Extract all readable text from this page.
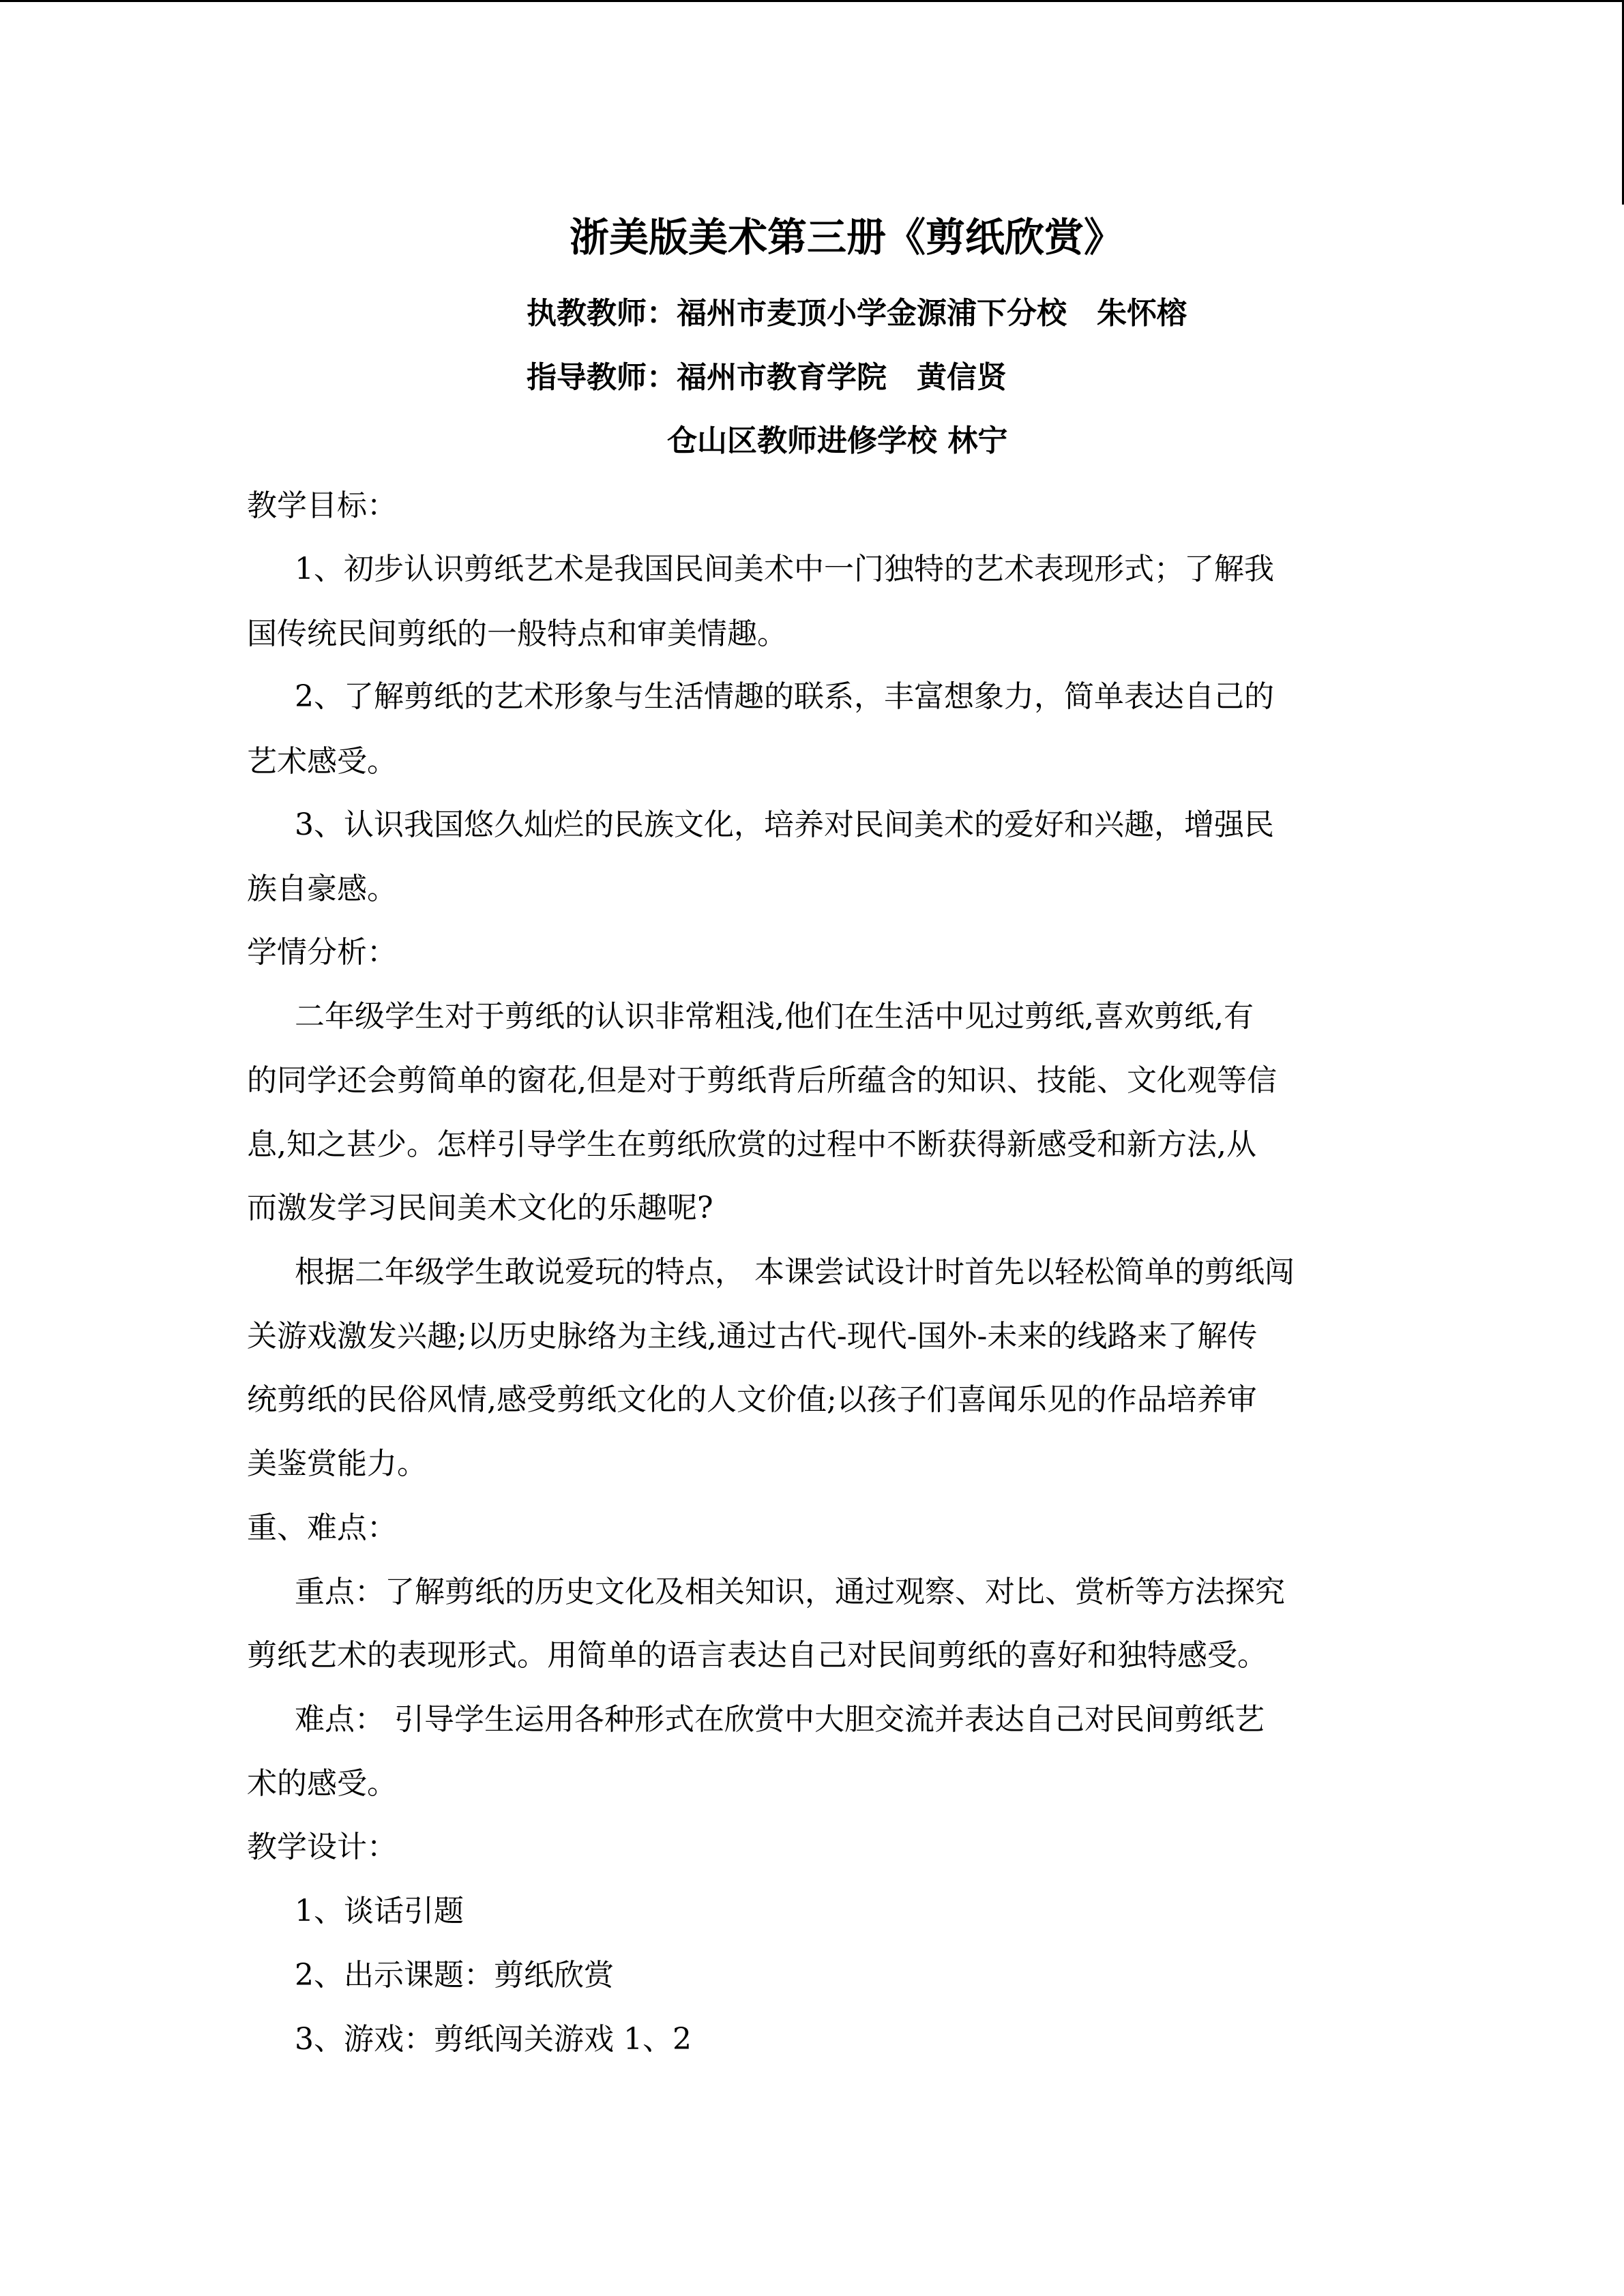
浙美版美术第三册《剪纸欣赏》
执教教师：福州市麦顶小学金源浦下分校　朱怀榕
指导教师：福州市教育学院　黄信贤
仓山区教师进修学校 林宁
教学目标：
1、初步认识剪纸艺术是我国民间美术中一门独特的艺术表现形式；了解我
国传统民间剪纸的一般特点和审美情趣。
2、了解剪纸的艺术形象与生活情趣的联系，丰富想象力，简单表达自己的
艺术感受。
3、认识我国悠久灿烂的民族文化，培养对民间美术的爱好和兴趣，增强民
族自豪感。
学情分析：
二年级学生对于剪纸的认识非常粗浅,他们在生活中见过剪纸,喜欢剪纸,有
的同学还会剪简单的窗花,但是对于剪纸背后所蕴含的知识、技能、文化观等信
息,知之甚少。怎样引导学生在剪纸欣赏的过程中不断获得新感受和新方法,从
而激发学习民间美术文化的乐趣呢?
根据二年级学生敢说爱玩的特点， 本课尝试设计时首先以轻松简单的剪纸闯
关游戏激发兴趣;以历史脉络为主线,通过古代-现代-国外-未来的线路来了解传
统剪纸的民俗风情,感受剪纸文化的人文价值;以孩子们喜闻乐见的作品培养审
美鉴赏能力。
重、难点：
重点：了解剪纸的历史文化及相关知识，通过观察、对比、赏析等方法探究
剪纸艺术的表现形式。用简单的语言表达自己对民间剪纸的喜好和独特感受。
难点： 引导学生运用各种形式在欣赏中大胆交流并表达自己对民间剪纸艺
术的感受。
教学设计：
1、谈话引题
2、出示课题：剪纸欣赏
3、游戏：剪纸闯关游戏 1、2
